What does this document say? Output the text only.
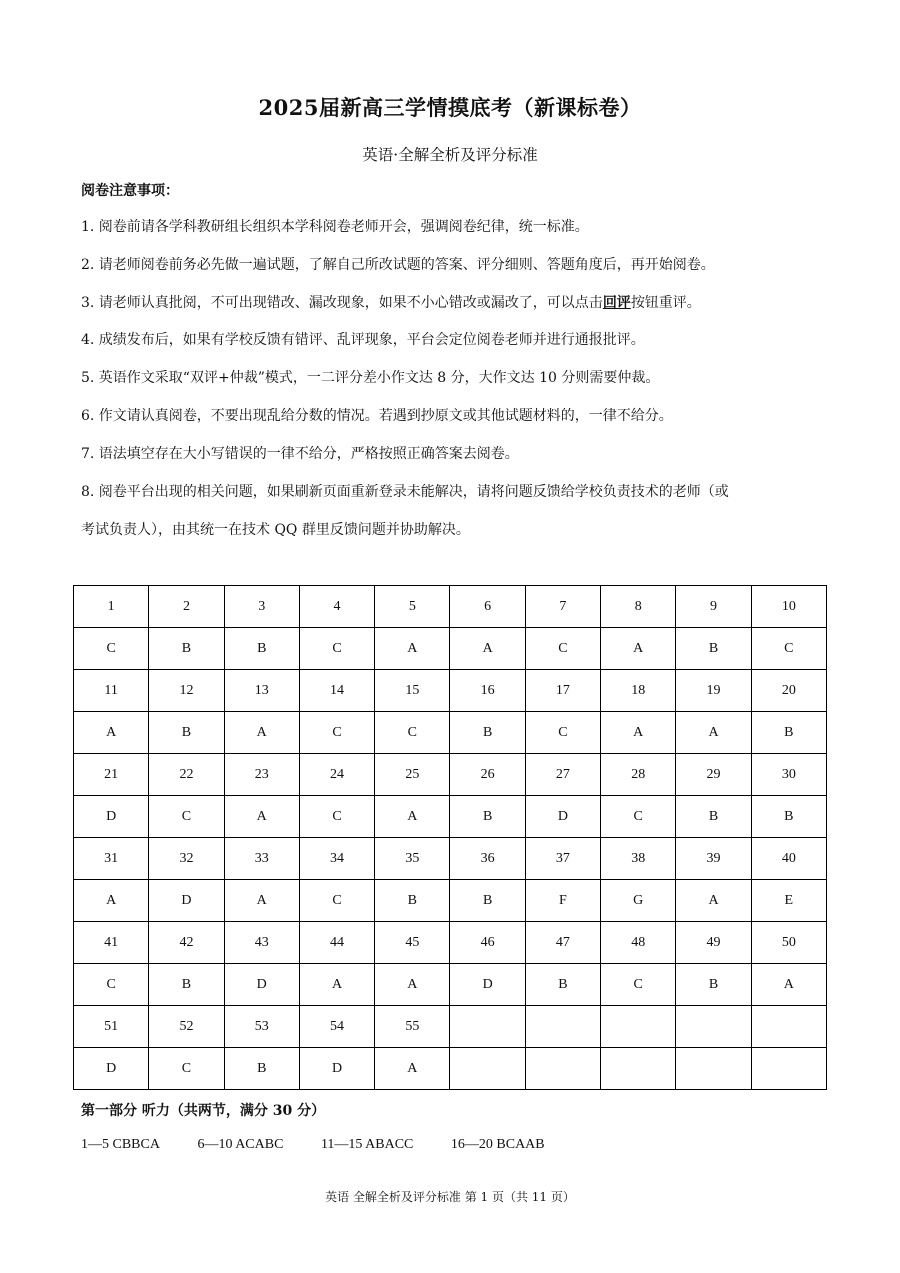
2025届新高三学情摸底考（新课标卷）
英语·全解全析及评分标准
阅卷注意事项：
1. 阅卷前请各学科教研组长组织本学科阅卷老师开会，强调阅卷纪律，统一标准。
2. 请老师阅卷前务必先做一遍试题，了解自己所改试题的答案、评分细则、答题角度后，再开始阅卷。
3. 请老师认真批阅，不可出现错改、漏改现象，如果不小心错改或漏改了，可以点击回评按钮重评。
4. 成绩发布后，如果有学校反馈有错评、乱评现象，平台会定位阅卷老师并进行通报批评。
5. 英语作文采取“双评+仲裁”模式，一二评分差小作文达 8 分，大作文达 10 分则需要仲裁。
6. 作文请认真阅卷，不要出现乱给分数的情况。若遇到抄原文或其他试题材料的，一律不给分。
7. 语法填空存在大小写错误的一律不给分，严格按照正确答案去阅卷。
8. 阅卷平台出现的相关问题，如果刷新页面重新登录未能解决，请将问题反馈给学校负责技术的老师（或
考试负责人），由其统一在技术 QQ 群里反馈问题并协助解决。
1	2	3	4	5	6	7	8	9	10
C	B	B	C	A	A	C	A	B	C
11	12	13	14	15	16	17	18	19	20
A	B	A	C	C	B	C	A	A	B
21	22	23	24	25	26	27	28	29	30
D	C	A	C	A	B	D	C	B	B
31	32	33	34	35	36	37	38	39	40
A	D	A	C	B	B	F	G	A	E
41	42	43	44	45	46	47	48	49	50
C	B	D	A	A	D	B	C	B	A
51	52	53	54	55					
D	C	B	D	A					
第一部分 听力（共两节，满分 30 分）
1—5 CBBCA	6—10 ACABC	11—15 ABACC	16—20 BCAAB
英语 全解全析及评分标准 第 1 页（共 11 页）
